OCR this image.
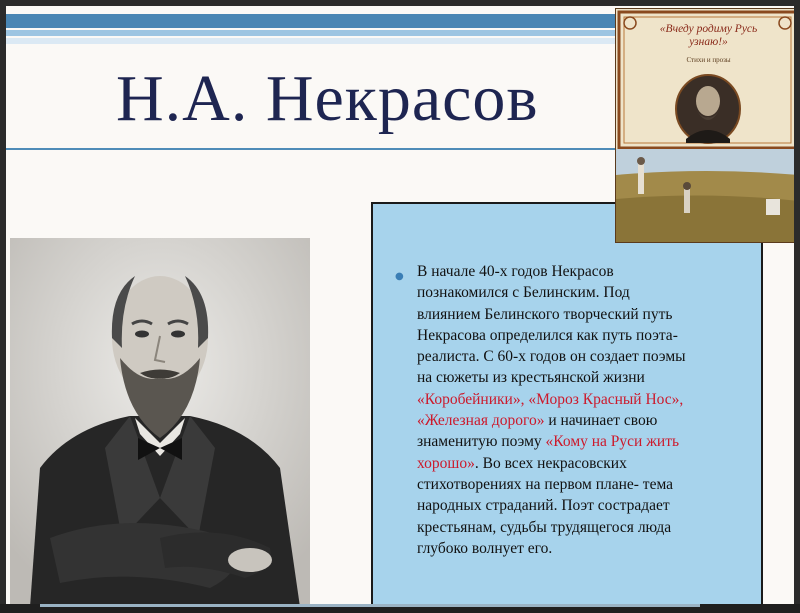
Н.А. Некрасов
● В начале 40-х годов Некрасов
познакомился с Белинским. Под
влиянием Белинского творческий путь
Некрасова определился как путь поэта-
реалиста. С 60-х годов он создает поэмы
на сюжеты из крестьянской жизни
«Коробейники», «Мороз Красный Нос»,
«Железная дорого» и начинает свою
знаменитую поэму «Кому на Руси жить
хорошо». Во всех некрасовских
стихотворениях на первом плане- тема
народных страданий. Поэт сострадает
крестьянам, судьбы трудящегося люда
глубоко волнует его.
«Вчеду родиму Русь узнаю!»
Стихи и прозы
